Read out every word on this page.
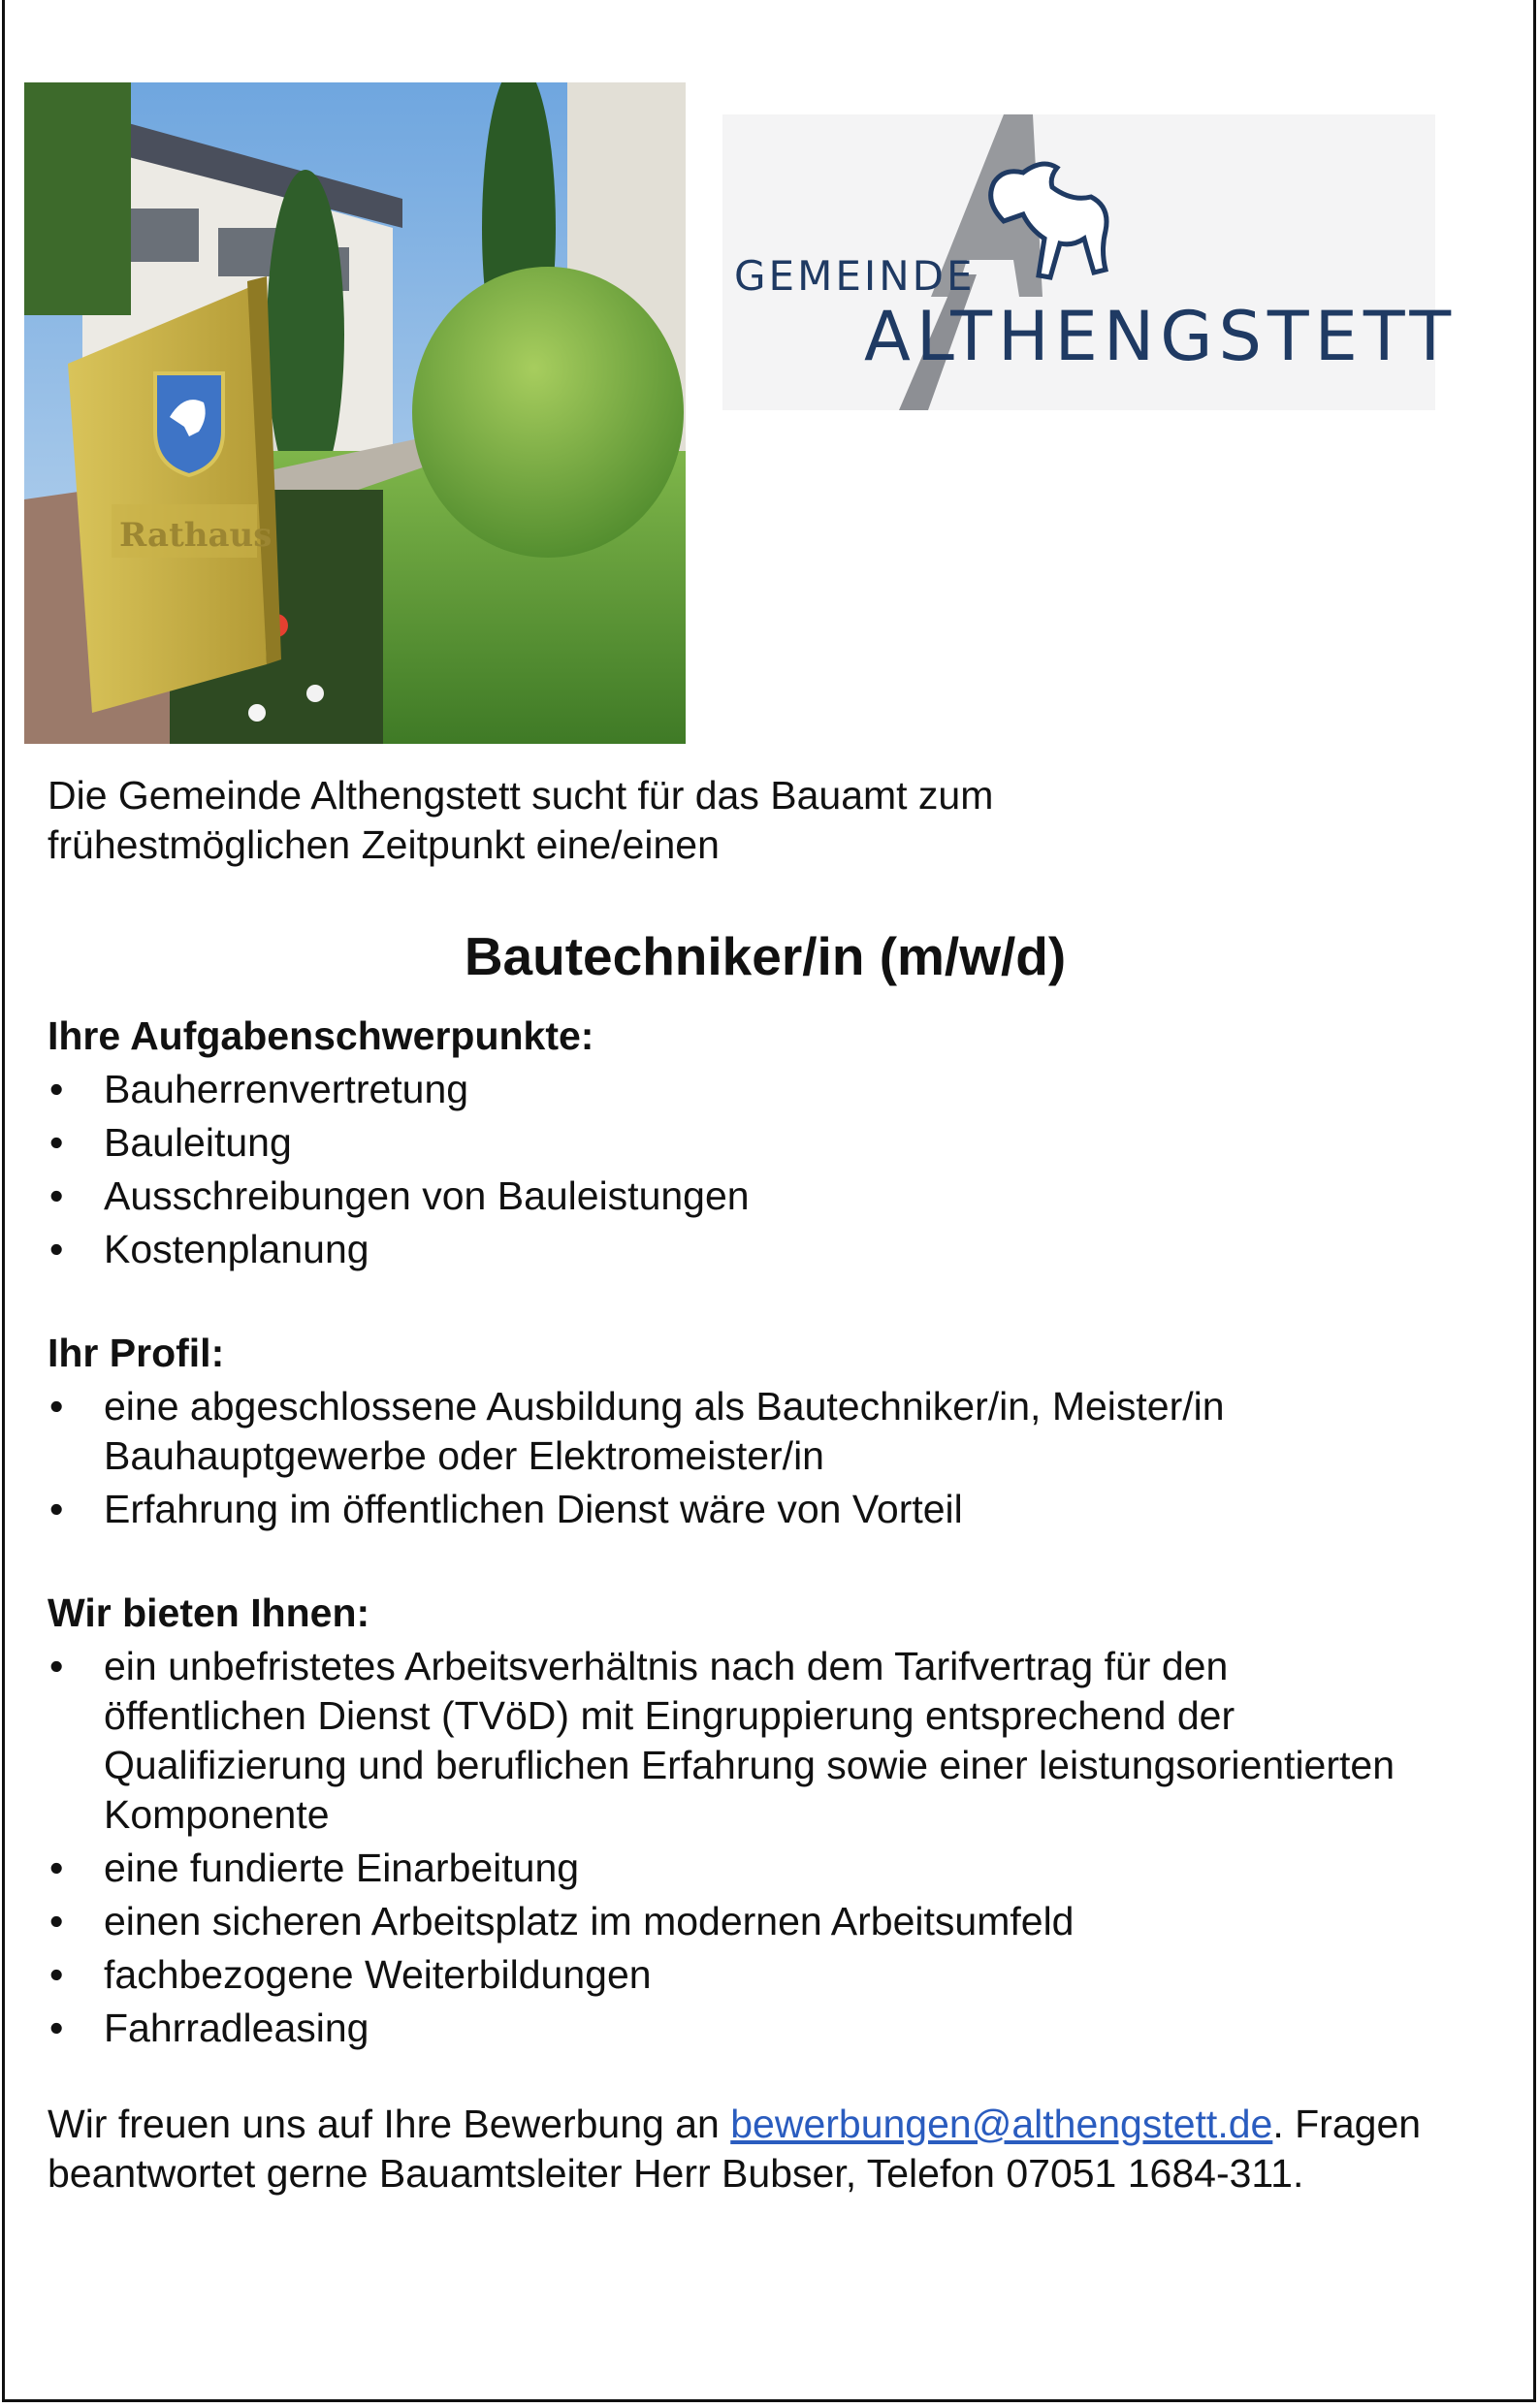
Rathaus
GEMEINDE
ALTHENGSTETT

Die Gemeinde Althengstett sucht für das Bauamt zum

frühestmöglichen Zeitpunkt eine/einen

Bautechniker/in (m/w/d)

Ihre Aufgabenschwerpunkte:

• Bauherrenvertretung
• Bauleitung
• Ausschreibungen von Bauleistungen
• Kostenplanung

Ihr Profil:

• eine abgeschlossene Ausbildung als Bautechniker/in, Meister/in Bauhauptgewerbe oder Elektromeister/in
• Erfahrung im öffentlichen Dienst wäre von Vorteil

Wir bieten Ihnen:

• ein unbefristetes Arbeitsverhältnis nach dem Tarifvertrag für den öffentlichen Dienst (TVöD) mit Eingruppierung entsprechend der Qualifizierung und beruflichen Erfahrung sowie einer leistungsorientierten Komponente
• eine fundierte Einarbeitung
• einen sicheren Arbeitsplatz im modernen Arbeitsumfeld
• fachbezogene Weiterbildungen
• Fahrradleasing

Wir freuen uns auf Ihre Bewerbung an bewerbungen@althengstett.de. Fragen beantwortet gerne Bauamtsleiter Herr Bubser, Telefon 07051 1684-311.
